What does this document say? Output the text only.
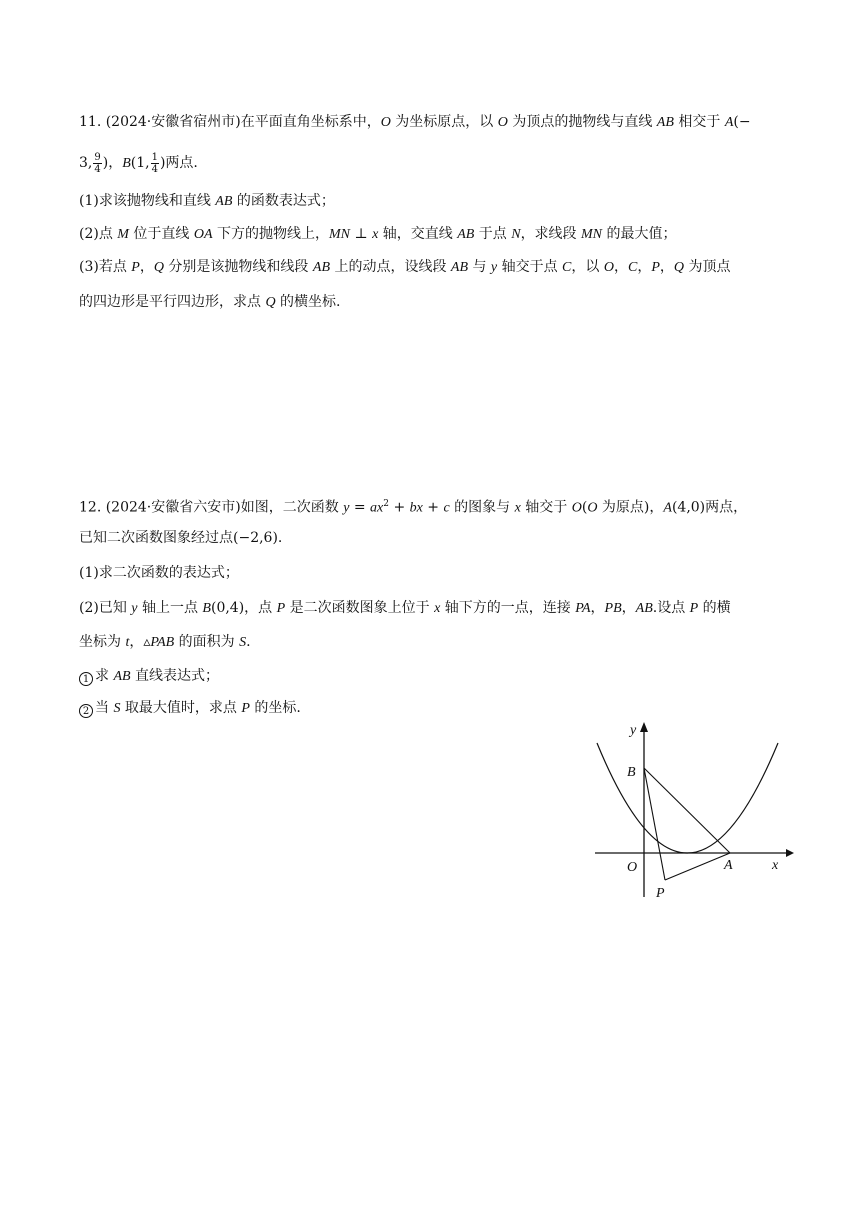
11. (2024·安徽省宿州市)在平面直角坐标系中，O 为坐标原点，以 O 为顶点的抛物线与直线 AB 相交于 A(−
3, $\frac{9}{4}$ )，B(1, $\frac{1}{4}$ )两点.
(1)求该抛物线和直线 AB 的函数表达式；
(2)点 M 位于直线 OA 下方的抛物线上，MN ⊥ x 轴，交直线 AB 于点 N，求线段 MN 的最大值；
(3)若点 P，Q 分别是该抛物线和线段 AB 上的动点，设线段 AB 与 y 轴交于点 C，以 O，C，P，Q 为顶点
的四边形是平行四边形，求点 Q 的横坐标.
12. (2024·安徽省六安市)如图，二次函数 $y = ax^2$ + bx + c 的图象与 x 轴交于 O(O 为原点)，A(4,0)两点，
已知二次函数图象经过点(−2,6).
(1)求二次函数的表达式；
(2)已知 y 轴上一点 B(0,4)，点 P 是二次函数图象上位于 x 轴下方的一点，连接 PA，PB，AB.设点 P 的横
坐标为 t，▵PAB 的面积为 S.
1 求 AB 直线表达式；
2 当 S 取最大值时，求点 P 的坐标.
y
x
B
O	A
P
